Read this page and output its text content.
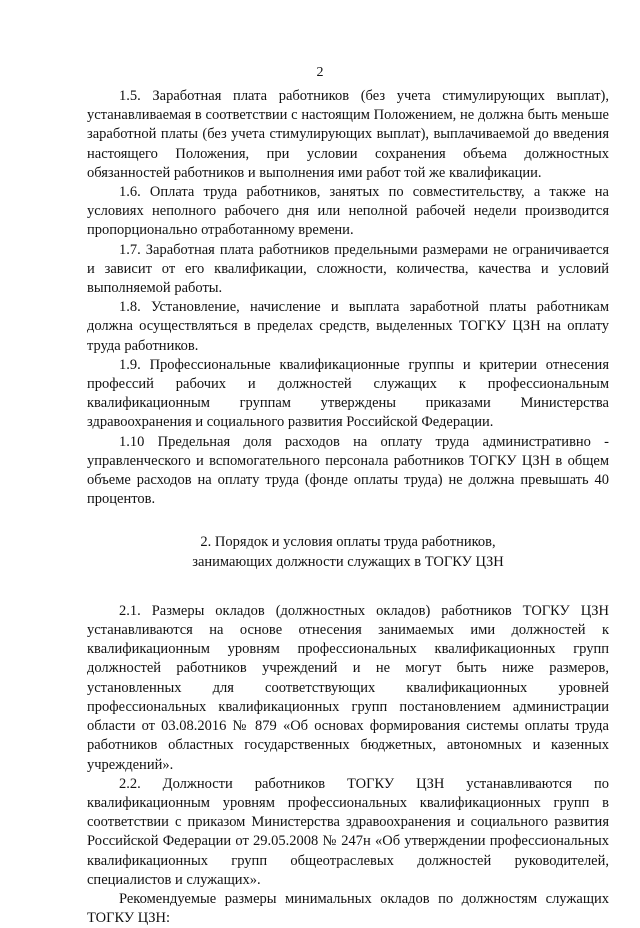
2

1.5. Заработная плата работников (без учета стимулирующих выплат), устанавливаемая в соответствии с настоящим Положением, не должна быть меньше заработной платы (без учета стимулирующих выплат), выплачиваемой до введения настоящего Положения, при условии сохранения объема должностных обязанностей работников и выполнения ими работ той же квалификации.

1.6. Оплата труда работников, занятых по совместительству, а также на условиях неполного рабочего дня или неполной рабочей недели производится пропорционально отработанному времени.

1.7. Заработная плата работников предельными размерами не ограничивается и зависит от его квалификации, сложности, количества, качества и условий выполняемой работы.

1.8. Установление, начисление и выплата заработной платы работникам должна осуществляться в пределах средств, выделенных ТОГКУ ЦЗН на оплату труда работников.

1.9. Профессиональные квалификационные группы и критерии отнесения профессий рабочих и должностей служащих к профессиональным квалификационным группам утверждены приказами Министерства здравоохранения и социального развития Российской Федерации.

1.10 Предельная доля расходов на оплату труда административно - управленческого и вспомогательного персонала работников ТОГКУ ЦЗН в общем объеме расходов на оплату труда (фонде оплаты труда) не должна превышать 40 процентов.

2. Порядок и условия оплаты труда работников,
занимающих должности служащих в ТОГКУ ЦЗН

2.1. Размеры окладов (должностных окладов) работников ТОГКУ ЦЗН устанавливаются на основе отнесения занимаемых ими должностей к квалификационным уровням профессиональных квалификационных групп должностей работников учреждений и не могут быть ниже размеров, установленных для соответствующих квалификационных уровней профессиональных квалификационных групп постановлением администрации области от 03.08.2016 № 879 «Об основах формирования системы оплаты труда работников областных государственных бюджетных, автономных и казенных учреждений».

2.2. Должности работников ТОГКУ ЦЗН устанавливаются по квалификационным уровням профессиональных квалификационных групп в соответствии с приказом Министерства здравоохранения и социального развития Российской Федерации от 29.05.2008 № 247н «Об утверждении профессиональных квалификационных групп общеотраслевых должностей руководителей, специалистов и служащих».

Рекомендуемые размеры минимальных окладов по должностям служащих ТОГКУ ЦЗН:
